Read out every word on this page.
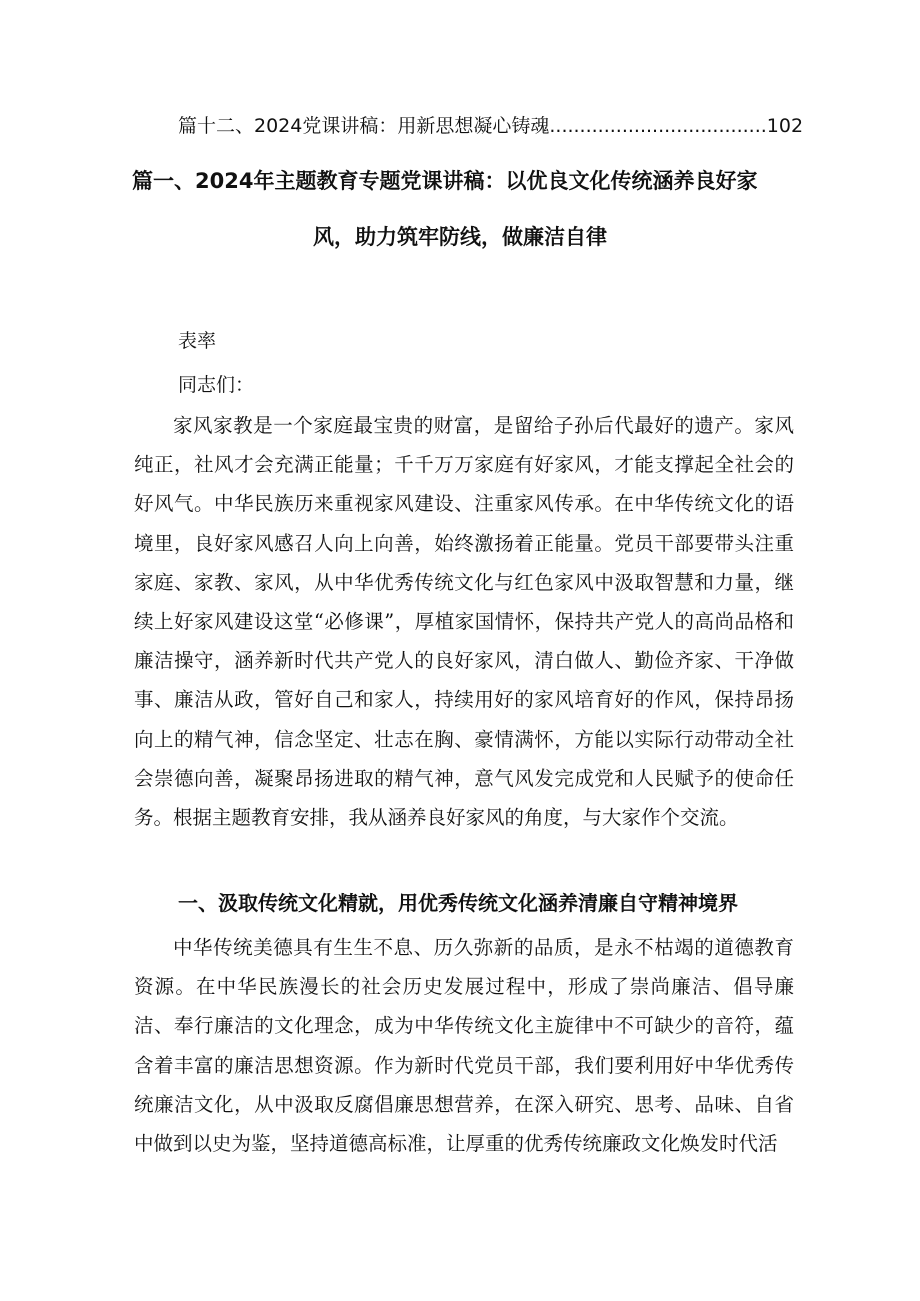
篇十二、2024党课讲稿：用新思想凝心铸魂....................................102
篇一、2024年主题教育专题党课讲稿：以优良文化传统涵养良好家
风，助力筑牢防线，做廉洁自律
表率
同志们：

家风家教是一个家庭最宝贵的财富，是留给子孙后代最好的遗产。家风纯正，社风才会充满正能量；千千万万家庭有好家风，才能支撑起全社会的好风气。中华民族历来重视家风建设、注重家风传承。在中华传统文化的语境里，良好家风感召人向上向善，始终激扬着正能量。党员干部要带头注重家庭、家教、家风，从中华优秀传统文化与红色家风中汲取智慧和力量，继续上好家风建设这堂“必修课”，厚植家国情怀，保持共产党人的高尚品格和廉洁操守，涵养新时代共产党人的良好家风，清白做人、勤俭齐家、干净做事、廉洁从政，管好自己和家人，持续用好的家风培育好的作风，保持昂扬向上的精气神，信念坚定、壮志在胸、豪情满怀，方能以实际行动带动全社会崇德向善，凝聚昂扬进取的精气神，意气风发完成党和人民赋予的使命任务。根据主题教育安排，我从涵养良好家风的角度，与大家作个交流。

一、汲取传统文化精就，用优秀传统文化涵养清廉自守精神境界

中华传统美德具有生生不息、历久弥新的品质，是永不枯竭的道德教育资源。在中华民族漫长的社会历史发展过程中，形成了崇尚廉洁、倡导廉洁、奉行廉洁的文化理念，成为中华传统文化主旋律中不可缺少的音符，蕴含着丰富的廉洁思想资源。作为新时代党员干部，我们要利用好中华优秀传统廉洁文化，从中汲取反腐倡廉思想营养，在深入研究、思考、品味、自省中做到以史为鉴，坚持道德高标准，让厚重的优秀传统廉政文化焕发时代活
